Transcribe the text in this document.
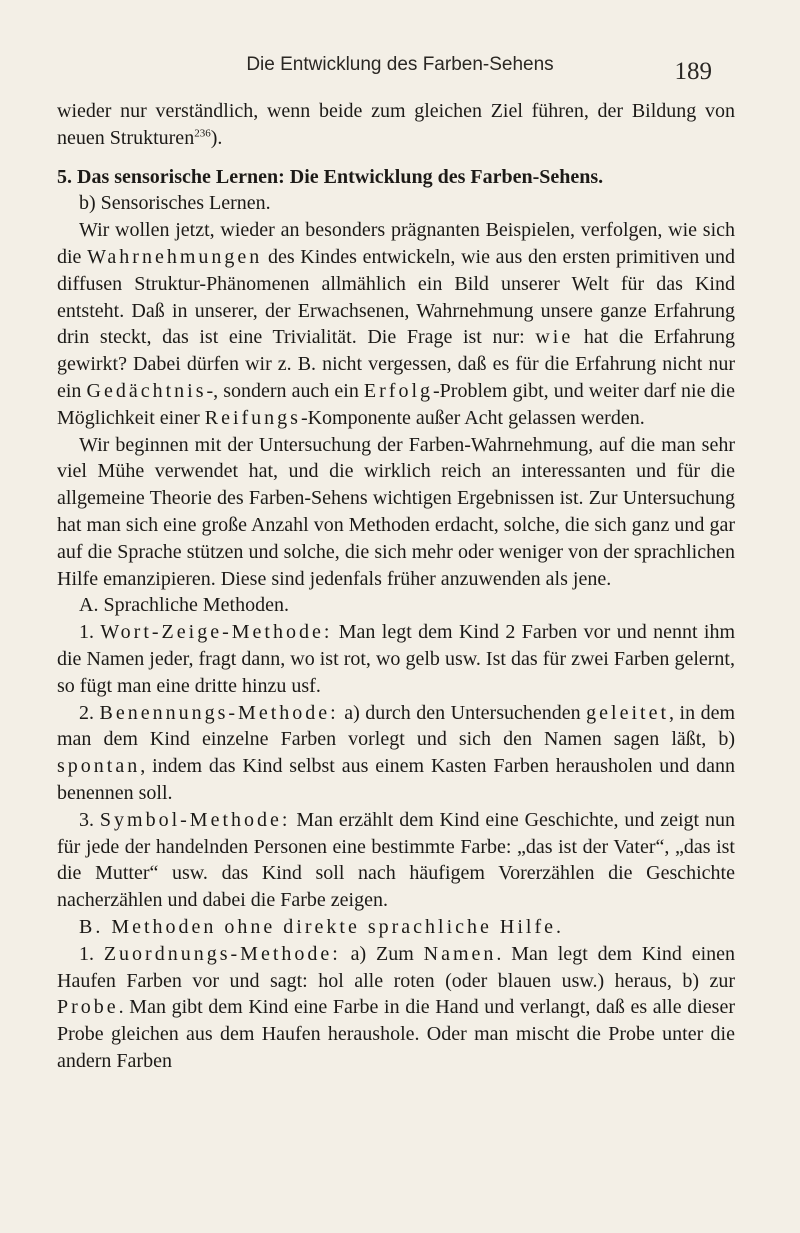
Die Entwicklung des Farben-Sehens	189

wieder nur verständlich, wenn beide zum gleichen Ziel führen, der Bildung von neuen Strukturen$^{236}$).

5. Das sensorische Lernen: Die Entwicklung des Farben-Sehens.

b) Sensorisches Lernen.

Wir wollen jetzt, wieder an besonders prägnanten Beispielen, verfolgen, wie sich die Wahrnehmungen des Kindes entwickeln, wie aus den ersten primitiven und diffusen Struktur-Phänomenen allmählich ein Bild unserer Welt für das Kind entsteht. Daß in unserer, der Erwachsenen, Wahrnehmung unsere ganze Erfahrung drin steckt, das ist eine Trivialität. Die Frage ist nur: wie hat die Erfahrung gewirkt? Dabei dürfen wir z. B. nicht vergessen, daß es für die Erfahrung nicht nur ein Gedächtnis-, sondern auch ein Erfolg-Problem gibt, und weiter darf nie die Möglichkeit einer Reifungs-Komponente außer Acht gelassen werden.

Wir beginnen mit der Untersuchung der Farben-Wahrnehmung, auf die man sehr viel Mühe verwendet hat, und die wirklich reich an interessanten und für die allgemeine Theorie des Farben-Sehens wichtigen Ergebnissen ist. Zur Untersuchung hat man sich eine große Anzahl von Methoden erdacht, solche, die sich ganz und gar auf die Sprache stützen und solche, die sich mehr oder weniger von der sprachlichen Hilfe emanzipieren. Diese sind jedenfals früher anzuwenden als jene.

A. Sprachliche Methoden.

1. Wort-Zeige-Methode: Man legt dem Kind 2 Farben vor und nennt ihm die Namen jeder, fragt dann, wo ist rot, wo gelb usw. Ist das für zwei Farben gelernt, so fügt man eine dritte hinzu usf.

2. Benennungs-Methode: a) durch den Untersuchenden geleitet, in dem man dem Kind einzelne Farben vorlegt und sich den Namen sagen läßt, b) spontan, indem das Kind selbst aus einem Kasten Farben herausholen und dann benennen soll.

3. Symbol-Methode: Man erzählt dem Kind eine Geschichte, und zeigt nun für jede der handelnden Personen eine bestimmte Farbe: „das ist der Vater“, „das ist die Mutter“ usw. das Kind soll nach häufigem Vorerzählen die Geschichte nacherzählen und dabei die Farbe zeigen.

B. Methoden ohne direkte sprachliche Hilfe.

1. Zuordnungs-Methode: a) Zum Namen. Man legt dem Kind einen Haufen Farben vor und sagt: hol alle roten (oder blauen usw.) heraus, b) zur Probe. Man gibt dem Kind eine Farbe in die Hand und verlangt, daß es alle dieser Probe gleichen aus dem Haufen heraushole. Oder man mischt die Probe unter die andern Farben
